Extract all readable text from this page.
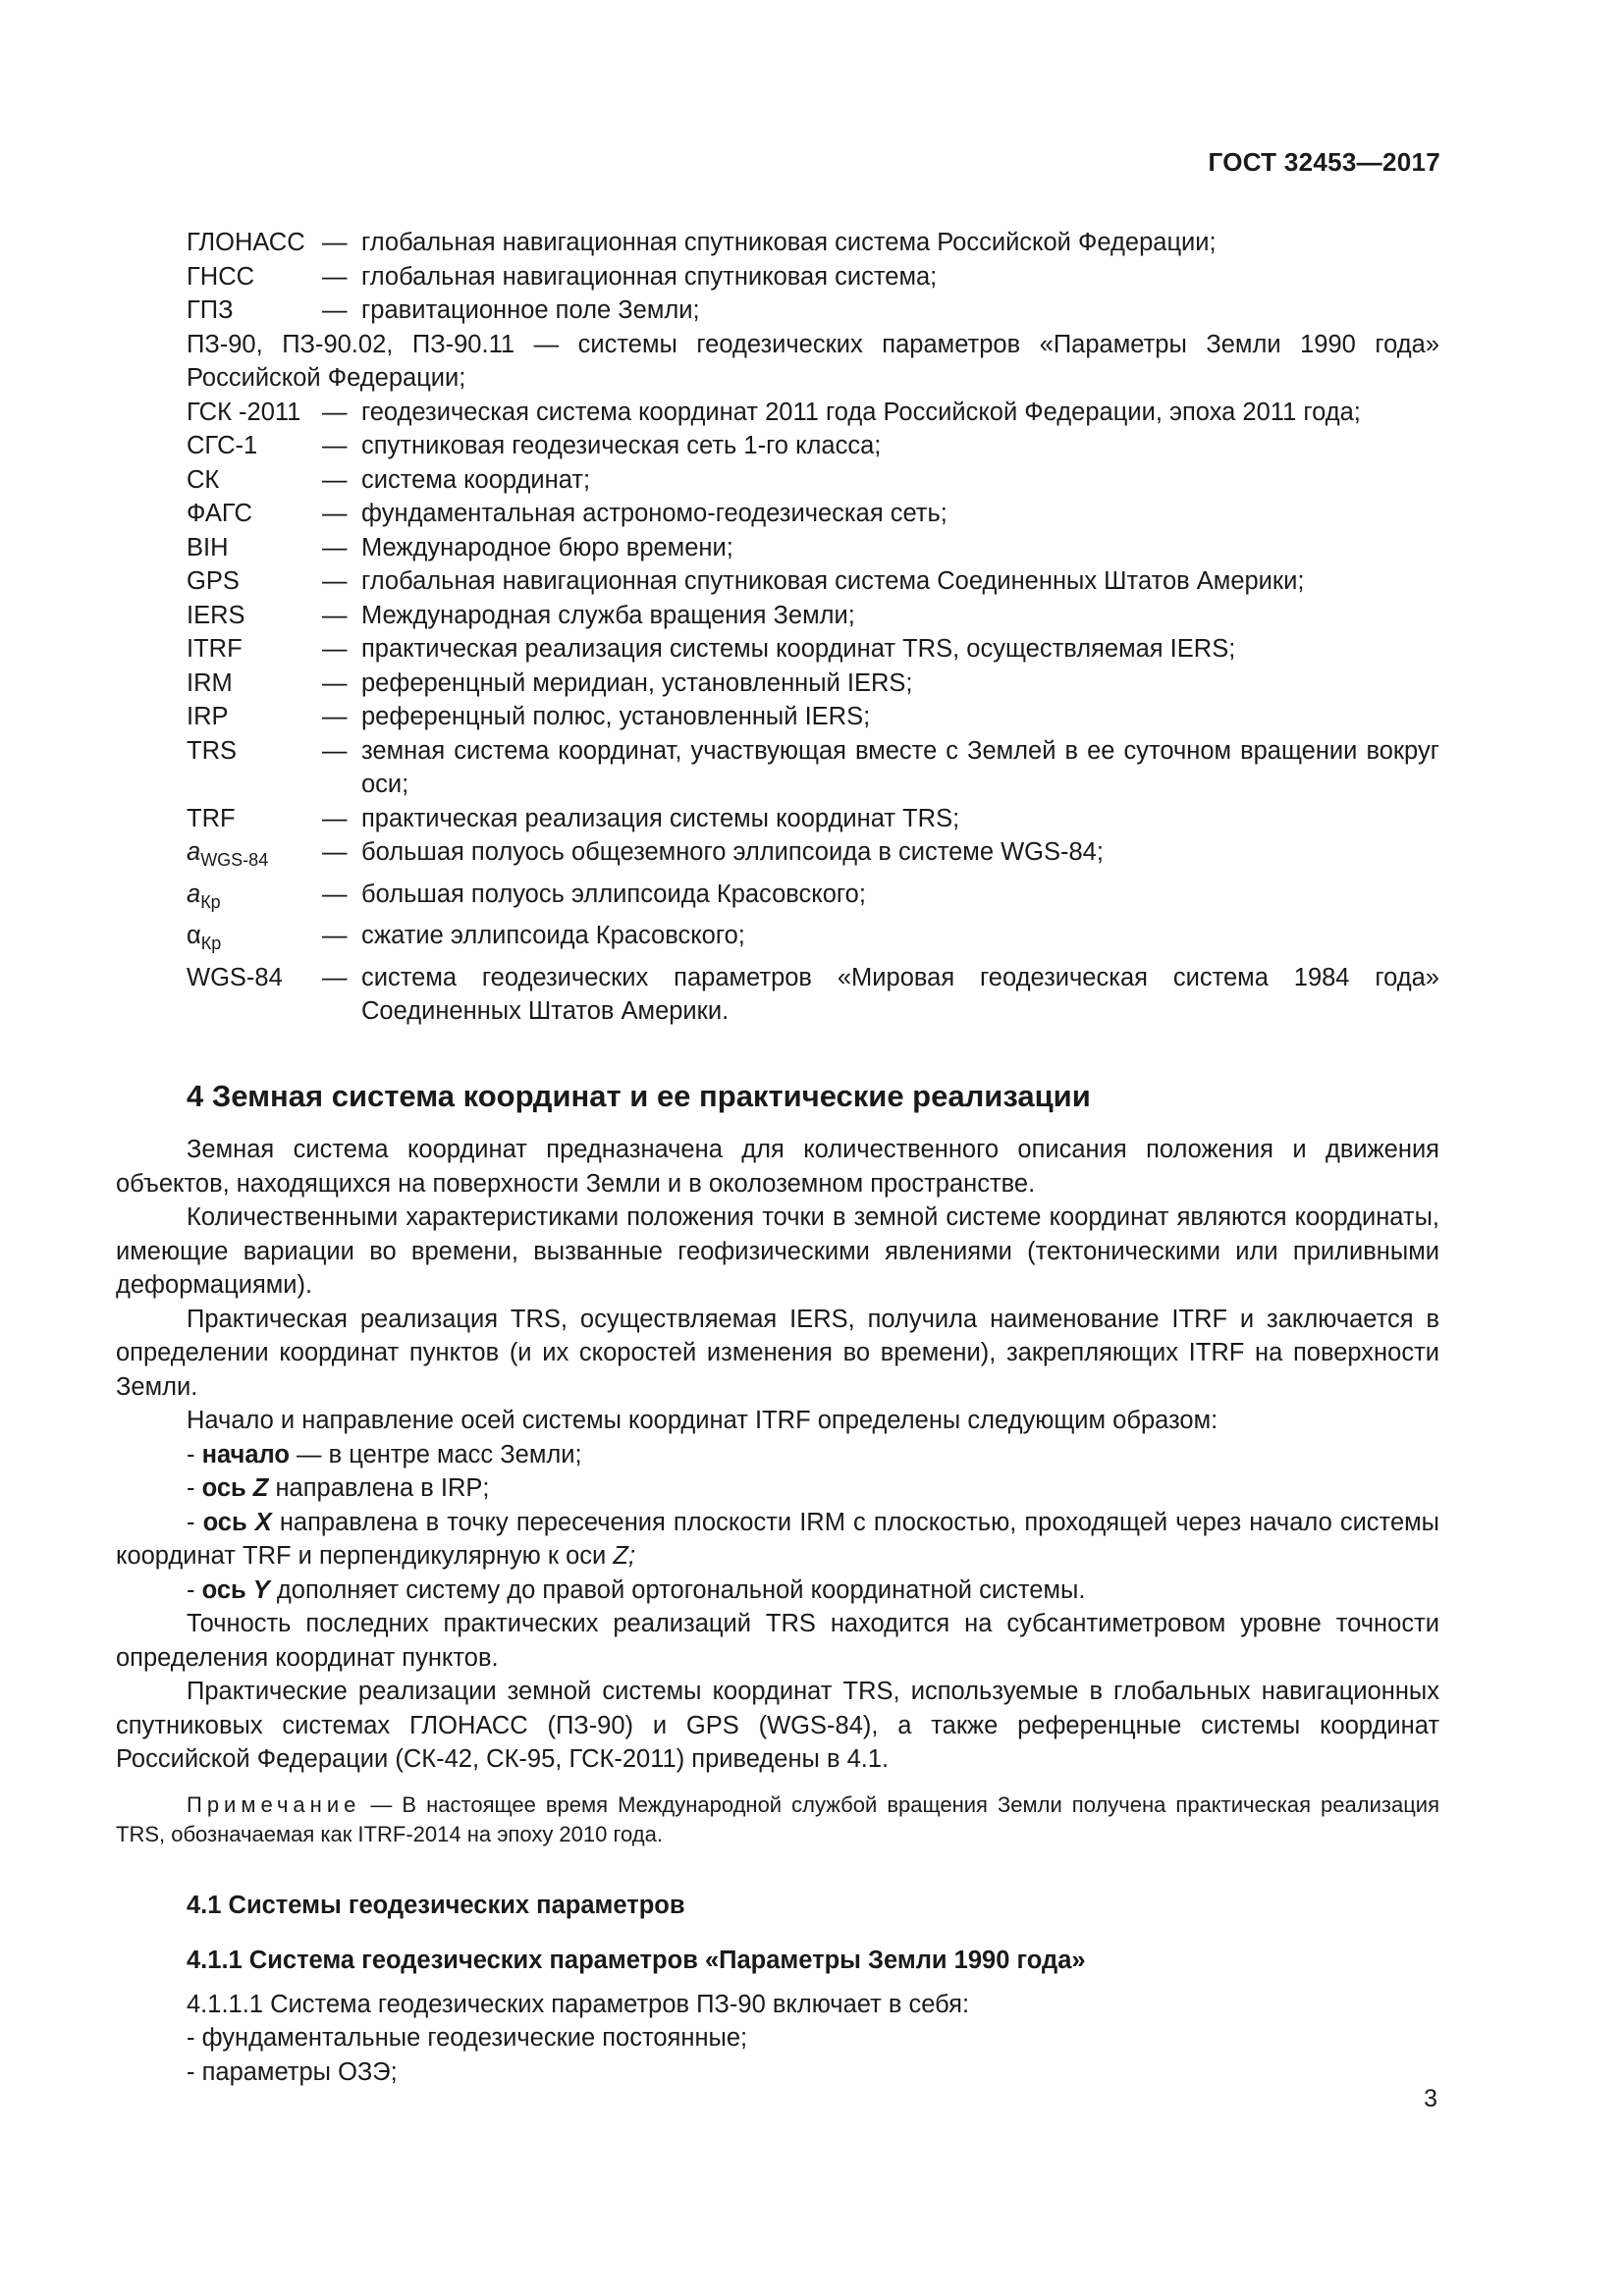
ГОСТ 32453—2017
ГЛОНАСС — глобальная навигационная спутниковая система Российской Федерации;
ГНСС	— глобальная навигационная спутниковая система;
ГПЗ	— гравитационное поле Земли;
ПЗ-90, ПЗ-90.02, ПЗ-90.11 — системы геодезических параметров «Параметры Земли 1990 года» Российской Федерации;
ГСК -2011 — геодезическая система координат 2011 года Российской Федерации, эпоха 2011 года;
СГС-1	— спутниковая геодезическая сеть 1-го класса;
СК	— система координат;
ФАГС	— фундаментальная астрономо-геодезическая сеть;
BIH	— Международное бюро времени;
GPS	— глобальная навигационная спутниковая система Соединенных Штатов Америки;
IERS	— Международная служба вращения Земли;
ITRF	— практическая реализация системы координат TRS, осуществляемая IERS;
IRM	— референцный меридиан, установленный IERS;
IRP	— референцный полюс, установленный IERS;
TRS	— земная система координат, участвующая вместе с Землей в ее суточном вращении вокруг оси;
TRF	— практическая реализация системы координат TRS;
$a_{WGS-84}$	— большая полуось общеземного эллипсоида в системе WGS-84;
$a_{Кр}$	— большая полуось эллипсоида Красовского;
$\alpha_{Кр}$	— сжатие эллипсоида Красовского;
WGS-84	— система геодезических параметров «Мировая геодезическая система 1984 года» Соединенных Штатов Америки.
4 Земная система координат и ее практические реализации

Земная система координат предназначена для количественного описания положения и движения объектов, находящихся на поверхности Земли и в околоземном пространстве.

Количественными характеристиками положения точки в земной системе координат являются координаты, имеющие вариации во времени, вызванные геофизическими явлениями (тектоническими или приливными деформациями).

Практическая реализация TRS, осуществляемая IERS, получила наименование ITRF и заключается в определении координат пунктов (и их скоростей изменения во времени), закрепляющих ITRF на поверхности Земли.

Начало и направление осей системы координат ITRF определены следующим образом:

- начало — в центре масс Земли;

- ось Z направлена в IRP;

- ось X направлена в точку пересечения плоскости IRM с плоскостью, проходящей через начало системы координат TRF и перпендикулярную к оси Z;

- ось Y дополняет систему до правой ортогональной координатной системы.

Точность последних практических реализаций TRS находится на субсантиметровом уровне точности определения координат пунктов.

Практические реализации земной системы координат TRS, используемые в глобальных навигационных спутниковых системах ГЛОНАСС (ПЗ-90) и GPS (WGS-84), а также референцные системы координат Российской Федерации (СК-42, СК-95, ГСК-2011) приведены в 4.1.

Примечание — В настоящее время Международной службой вращения Земли получена практическая реализация TRS, обозначаемая как ITRF-2014 на эпоху 2010 года.

4.1 Системы геодезических параметров
4.1.1 Система геодезических параметров «Параметры Земли 1990 года»

4.1.1.1 Система геодезических параметров ПЗ-90 включает в себя:

- фундаментальные геодезические постоянные;

- параметры ОЗЭ;

3
